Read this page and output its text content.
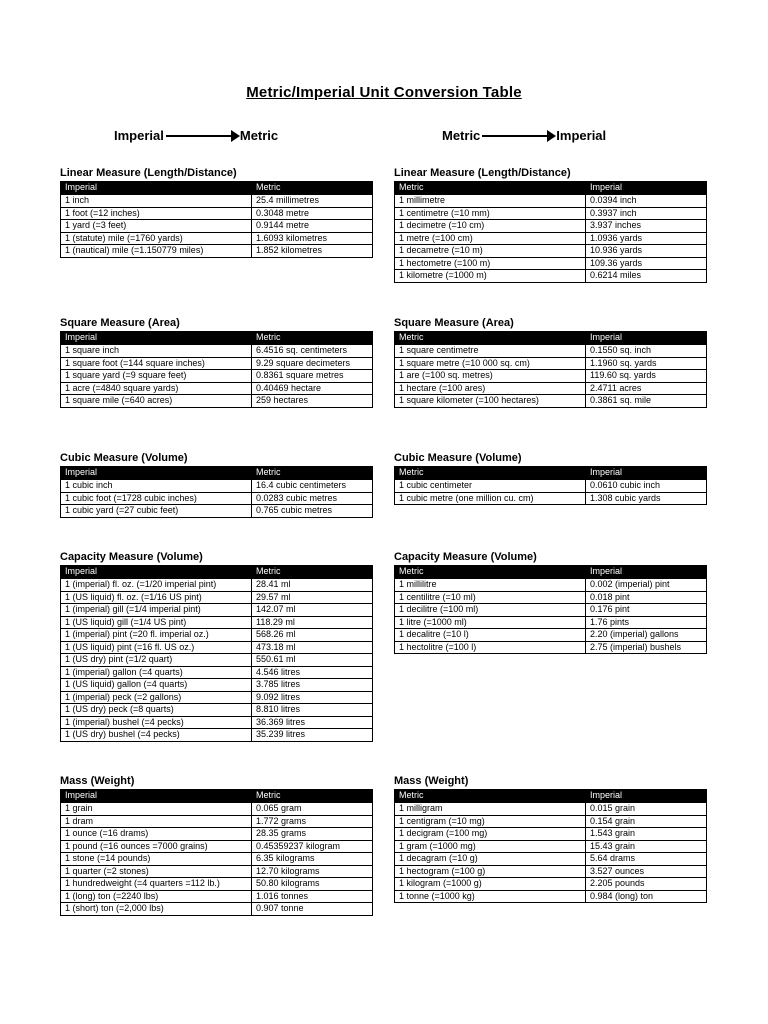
Metric/Imperial Unit Conversion Table
Imperial	Metric	Metric	Imperial
Linear Measure (Length/Distance)
Imperial	Metric
1 inch	25.4 millimetres
1 foot (=12 inches)	0.3048 metre
1 yard (=3 feet)	0.9144 metre
1 (statute) mile (=1760 yards)	1.6093 kilometres
1 (nautical) mile (=1.150779 miles)	1.852 kilometres
Linear Measure (Length/Distance)
Metric	Imperial
1 millimetre	0.0394 inch
1 centimetre (=10 mm)	0.3937 inch
1 decimetre (=10 cm)	3.937 inches
1 metre (=100 cm)	1.0936 yards
1 decametre (=10 m)	10.936 yards
1 hectometre (=100 m)	109.36 yards
1 kilometre (=1000 m)	0.6214 miles
Square Measure (Area)
Imperial	Metric
1 square inch	6.4516 sq. centimeters
1 square foot (=144 square inches)	9.29 square decimeters
1 square yard (=9 square feet)	0.8361 square metres
1 acre (=4840 square yards)	0.40469 hectare
1 square mile (=640 acres)	259 hectares
Square Measure (Area)
Metric	Imperial
1 square centimetre	0.1550 sq. inch
1 square metre (=10 000 sq. cm)	1.1960 sq. yards
1 are (=100 sq. metres)	119.60 sq. yards
1 hectare (=100 ares)	2.4711 acres
1 square kilometer (=100 hectares)	0.3861 sq. mile
Cubic Measure (Volume)
Imperial	Metric
1 cubic inch	16.4 cubic centimeters
1 cubic foot (=1728 cubic inches)	0.0283 cubic metres
1 cubic yard (=27 cubic feet)	0.765 cubic metres
Cubic Measure (Volume)
Metric	Imperial
1 cubic centimeter	0.0610 cubic inch
1 cubic metre (one million cu. cm)	1.308 cubic yards
Capacity Measure (Volume)
Imperial	Metric
1 (imperial) fl. oz. (=1/20 imperial pint)	28.41 ml
1 (US liquid) fl. oz. (=1/16 US pint)	29.57 ml
1 (imperial) gill (=1/4 imperial pint)	142.07 ml
1 (US liquid) gill (=1/4 US pint)	118.29 ml
1 (imperial) pint (=20 fl. imperial oz.)	568.26 ml
1 (US liquid) pint (=16 fl. US oz.)	473.18 ml
1 (US dry) pint (=1/2 quart)	550.61 ml
1 (imperial) gallon (=4 quarts)	4.546 litres
1 (US liquid) gallon (=4 quarts)	3.785 litres
1 (imperial) peck (=2 gallons)	9.092 litres
1 (US dry) peck (=8 quarts)	8.810 litres
1 (imperial) bushel (=4 pecks)	36.369 litres
1 (US dry) bushel (=4 pecks)	35.239 litres
Capacity Measure (Volume)
Metric	Imperial
1 millilitre	0.002 (imperial) pint
1 centilitre (=10 ml)	0.018 pint
1 decilitre (=100 ml)	0.176 pint
1 litre (=1000 ml)	1.76 pints
1 decalitre (=10 l)	2.20 (imperial) gallons
1 hectolitre (=100 l)	2.75 (imperial) bushels
Mass (Weight)
Imperial	Metric
1 grain	0.065 gram
1 dram	1.772 grams
1 ounce (=16 drams)	28.35 grams
1 pound (=16 ounces =7000 grains)	0.45359237 kilogram
1 stone (=14 pounds)	6.35 kilograms
1 quarter (=2 stones)	12.70 kilograms
1 hundredweight (=4 quarters =112 lb.)	50.80 kilograms
1 (long) ton (=2240 lbs)	1.016 tonnes
1 (short) ton (=2,000 lbs)	0.907 tonne
Mass (Weight)
Metric	Imperial
1 milligram	0.015 grain
1 centigram (=10 mg)	0.154 grain
1 decigram (=100 mg)	1.543 grain
1 gram (=1000 mg)	15.43 grain
1 decagram (=10 g)	5.64 drams
1 hectogram (=100 g)	3.527 ounces
1 kilogram (=1000 g)	2.205 pounds
1 tonne (=1000 kg)	0.984 (long) ton
